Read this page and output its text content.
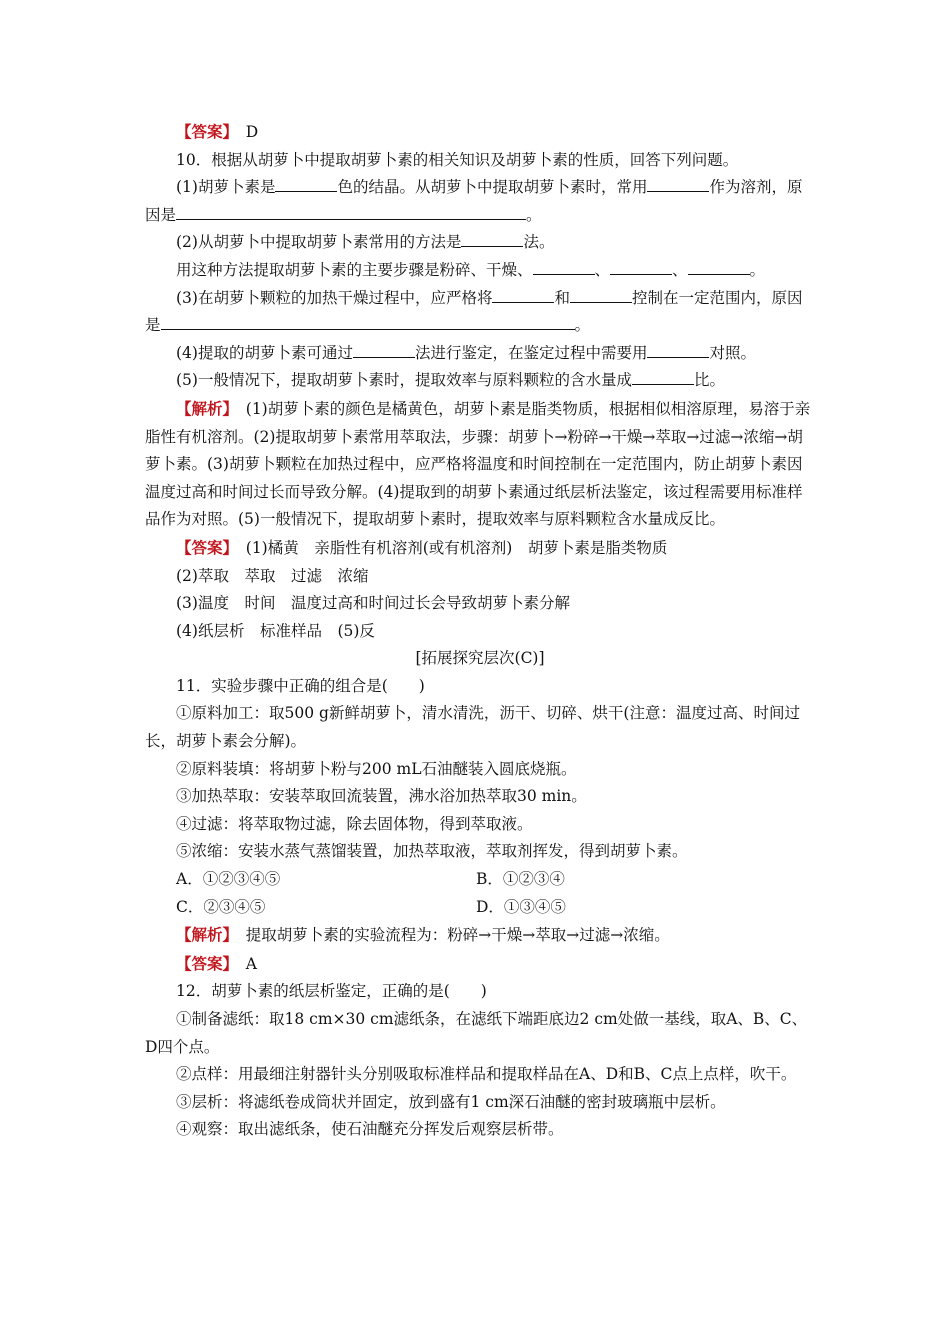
【答案】　D

10．根据从胡萝卜中提取胡萝卜素的相关知识及胡萝卜素的性质，回答下列问题。

(1)胡萝卜素是	色的结晶。从胡萝卜中提取胡萝卜素时，常用	作为溶剂，原因是	。

(2)从胡萝卜中提取胡萝卜素常用的方法是	法。

用这种方法提取胡萝卜素的主要步骤是粉碎、干燥、	、	、	。

(3)在胡萝卜颗粒的加热干燥过程中，应严格将	和	控制在一定范围内，原因是	。

(4)提取的胡萝卜素可通过	法进行鉴定，在鉴定过程中需要用	对照。

(5)一般情况下，提取胡萝卜素时，提取效率与原料颗粒的含水量成	比。

【解析】　(1)胡萝卜素的颜色是橘黄色，胡萝卜素是脂类物质，根据相似相溶原理，易溶于亲脂性有机溶剂。(2)提取胡萝卜素常用萃取法，步骤：胡萝卜→粉碎→干燥→萃取→过滤→浓缩→胡萝卜素。(3)胡萝卜颗粒在加热过程中，应严格将温度和时间控制在一定范围内，防止胡萝卜素因温度过高和时间过长而导致分解。(4)提取到的胡萝卜素通过纸层析法鉴定，该过程需要用标准样品作为对照。(5)一般情况下，提取胡萝卜素时，提取效率与原料颗粒含水量成反比。

【答案】　(1)橘黄　亲脂性有机溶剂(或有机溶剂)　胡萝卜素是脂类物质

(2)萃取　萃取　过滤　浓缩

(3)温度　时间　温度过高和时间过长会导致胡萝卜素分解

(4)纸层析　标准样品　(5)反

[拓展探究层次(C)]

11．实验步骤中正确的组合是(　　)

①原料加工：取500 g新鲜胡萝卜，清水清洗，沥干、切碎、烘干(注意：温度过高、时间过长，胡萝卜素会分解)。

②原料装填：将胡萝卜粉与200 mL石油醚装入圆底烧瓶。

③加热萃取：安装萃取回流装置，沸水浴加热萃取30 min。

④过滤：将萃取物过滤，除去固体物，得到萃取液。

⑤浓缩：安装水蒸气蒸馏装置，加热萃取液，萃取剂挥发，得到胡萝卜素。

A．①②③④⑤	B．①②③④
C．②③④⑤	D．①③④⑤

【解析】　提取胡萝卜素的实验流程为：粉碎→干燥→萃取→过滤→浓缩。

【答案】　A

12．胡萝卜素的纸层析鉴定，正确的是(　　)

①制备滤纸：取18 cm×30 cm滤纸条，在滤纸下端距底边2 cm处做一基线，取A、B、C、D四个点。

②点样：用最细注射器针头分别吸取标准样品和提取样品在A、D和B、C点上点样，吹干。

③层析：将滤纸卷成筒状并固定，放到盛有1 cm深石油醚的密封玻璃瓶中层析。

④观察：取出滤纸条，使石油醚充分挥发后观察层析带。
